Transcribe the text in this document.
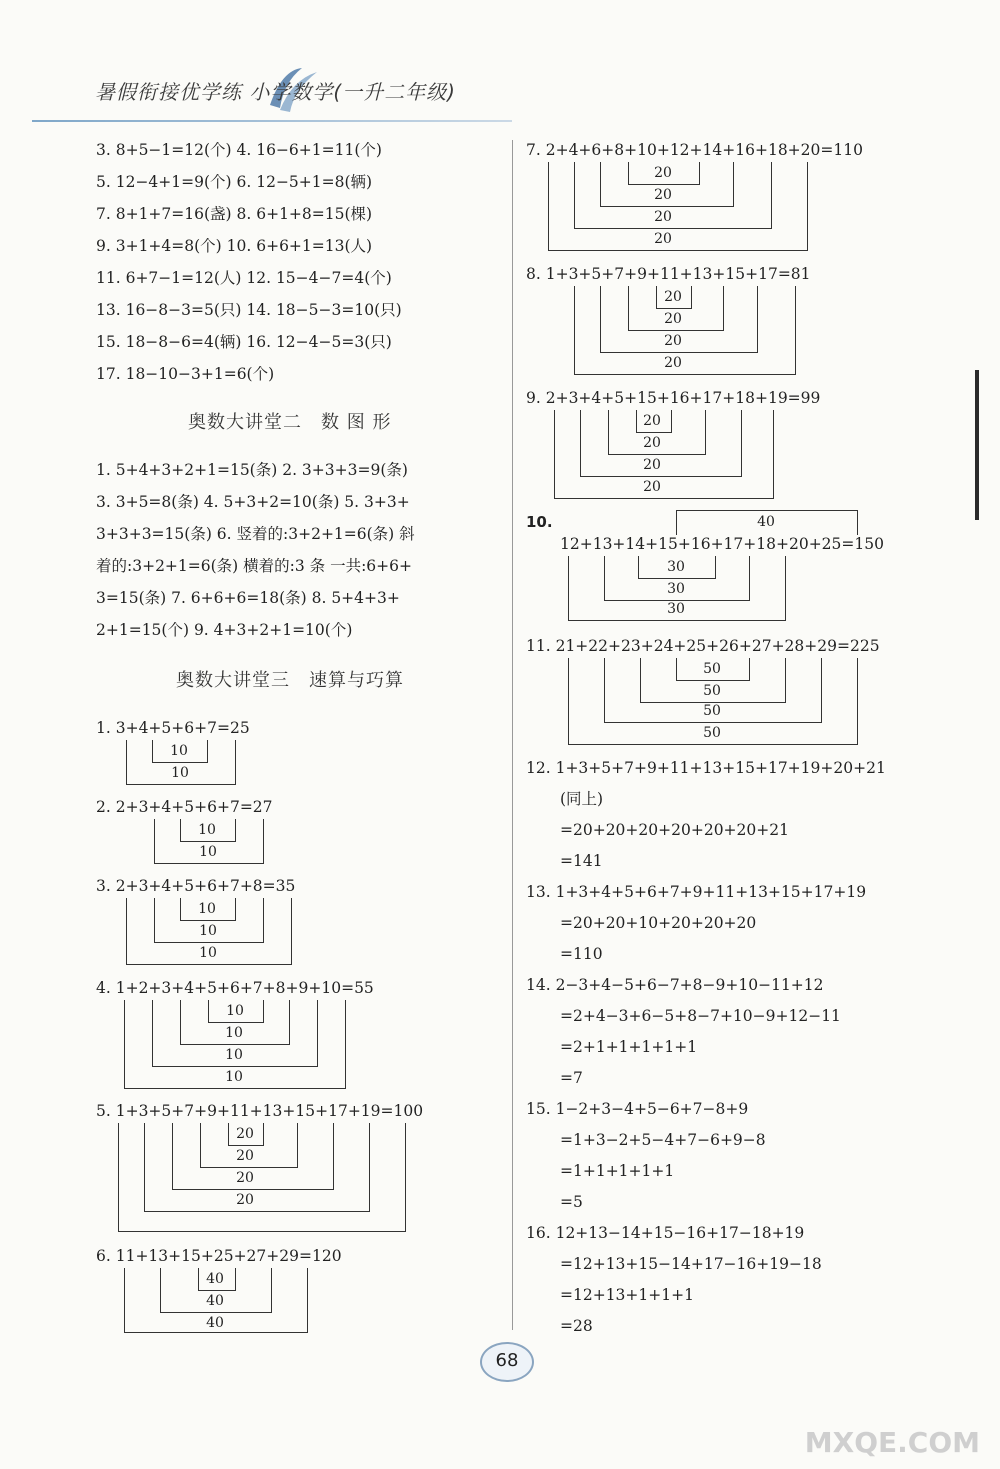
暑假衔接优学练 小学数学(一升二年级)
3. 8+5−1=12(个) 4. 16−6+1=11(个)
5. 12−4+1=9(个) 6. 12−5+1=8(辆)
7. 8+1+7=16(盏) 8. 6+1+8=15(棵)
9. 3+1+4=8(个) 10. 6+6+1=13(人)
11. 6+7−1=12(人) 12. 15−4−7=4(个)
13. 16−8−3=5(只) 14. 18−5−3=10(只)
15. 18−8−6=4(辆) 16. 12−4−5=3(只)
17. 18−10−3+1=6(个)
奥数大讲堂二　数 图 形
1. 5+4+3+2+1=15(条) 2. 3+3+3=9(条)
3. 3+5=8(条) 4. 5+3+2=10(条) 5. 3+3+
3+3+3=15(条) 6. 竖着的:3+2+1=6(条) 斜
着的:3+2+1=6(条) 横着的:3 条 一共:6+6+
3=15(条) 7. 6+6+6=18(条) 8. 5+4+3+
2+1=15(个) 9. 4+3+2+1=10(个)
奥数大讲堂三　速算与巧算
1. 3+4+5+6+7=25
10
10
2. 2+3+4+5+6+7=27
10
10
3. 2+3+4+5+6+7+8=35
10
10
10
4. 1+2+3+4+5+6+7+8+9+10=55
10
10
10
10
5. 1+3+5+7+9+11+13+15+17+19=100
20
20
20
20
6. 11+13+15+25+27+29=120
40
40
40
7. 2+4+6+8+10+12+14+16+18+20=110
20
20
20
20
8. 1+3+5+7+9+11+13+15+17=81
20
20
20
20
9. 2+3+4+5+15+16+17+18+19=99
20
20
20
20
10.	40
12+13+14+15+16+17+18+20+25=150
30
30
30
11. 21+22+23+24+25+26+27+28+29=225
50
50
50
50
12. 1+3+5+7+9+11+13+15+17+19+20+21
(同上)
=20+20+20+20+20+20+21
=141
13. 1+3+4+5+6+7+9+11+13+15+17+19
=20+20+10+20+20+20
=110
14. 2−3+4−5+6−7+8−9+10−11+12
=2+4−3+6−5+8−7+10−9+12−11
=2+1+1+1+1+1
=7
15. 1−2+3−4+5−6+7−8+9
=1+3−2+5−4+7−6+9−8
=1+1+1+1+1
=5
16. 12+13−14+15−16+17−18+19
=12+13+15−14+17−16+19−18
=12+13+1+1+1
=28
68
MXQE.COM
